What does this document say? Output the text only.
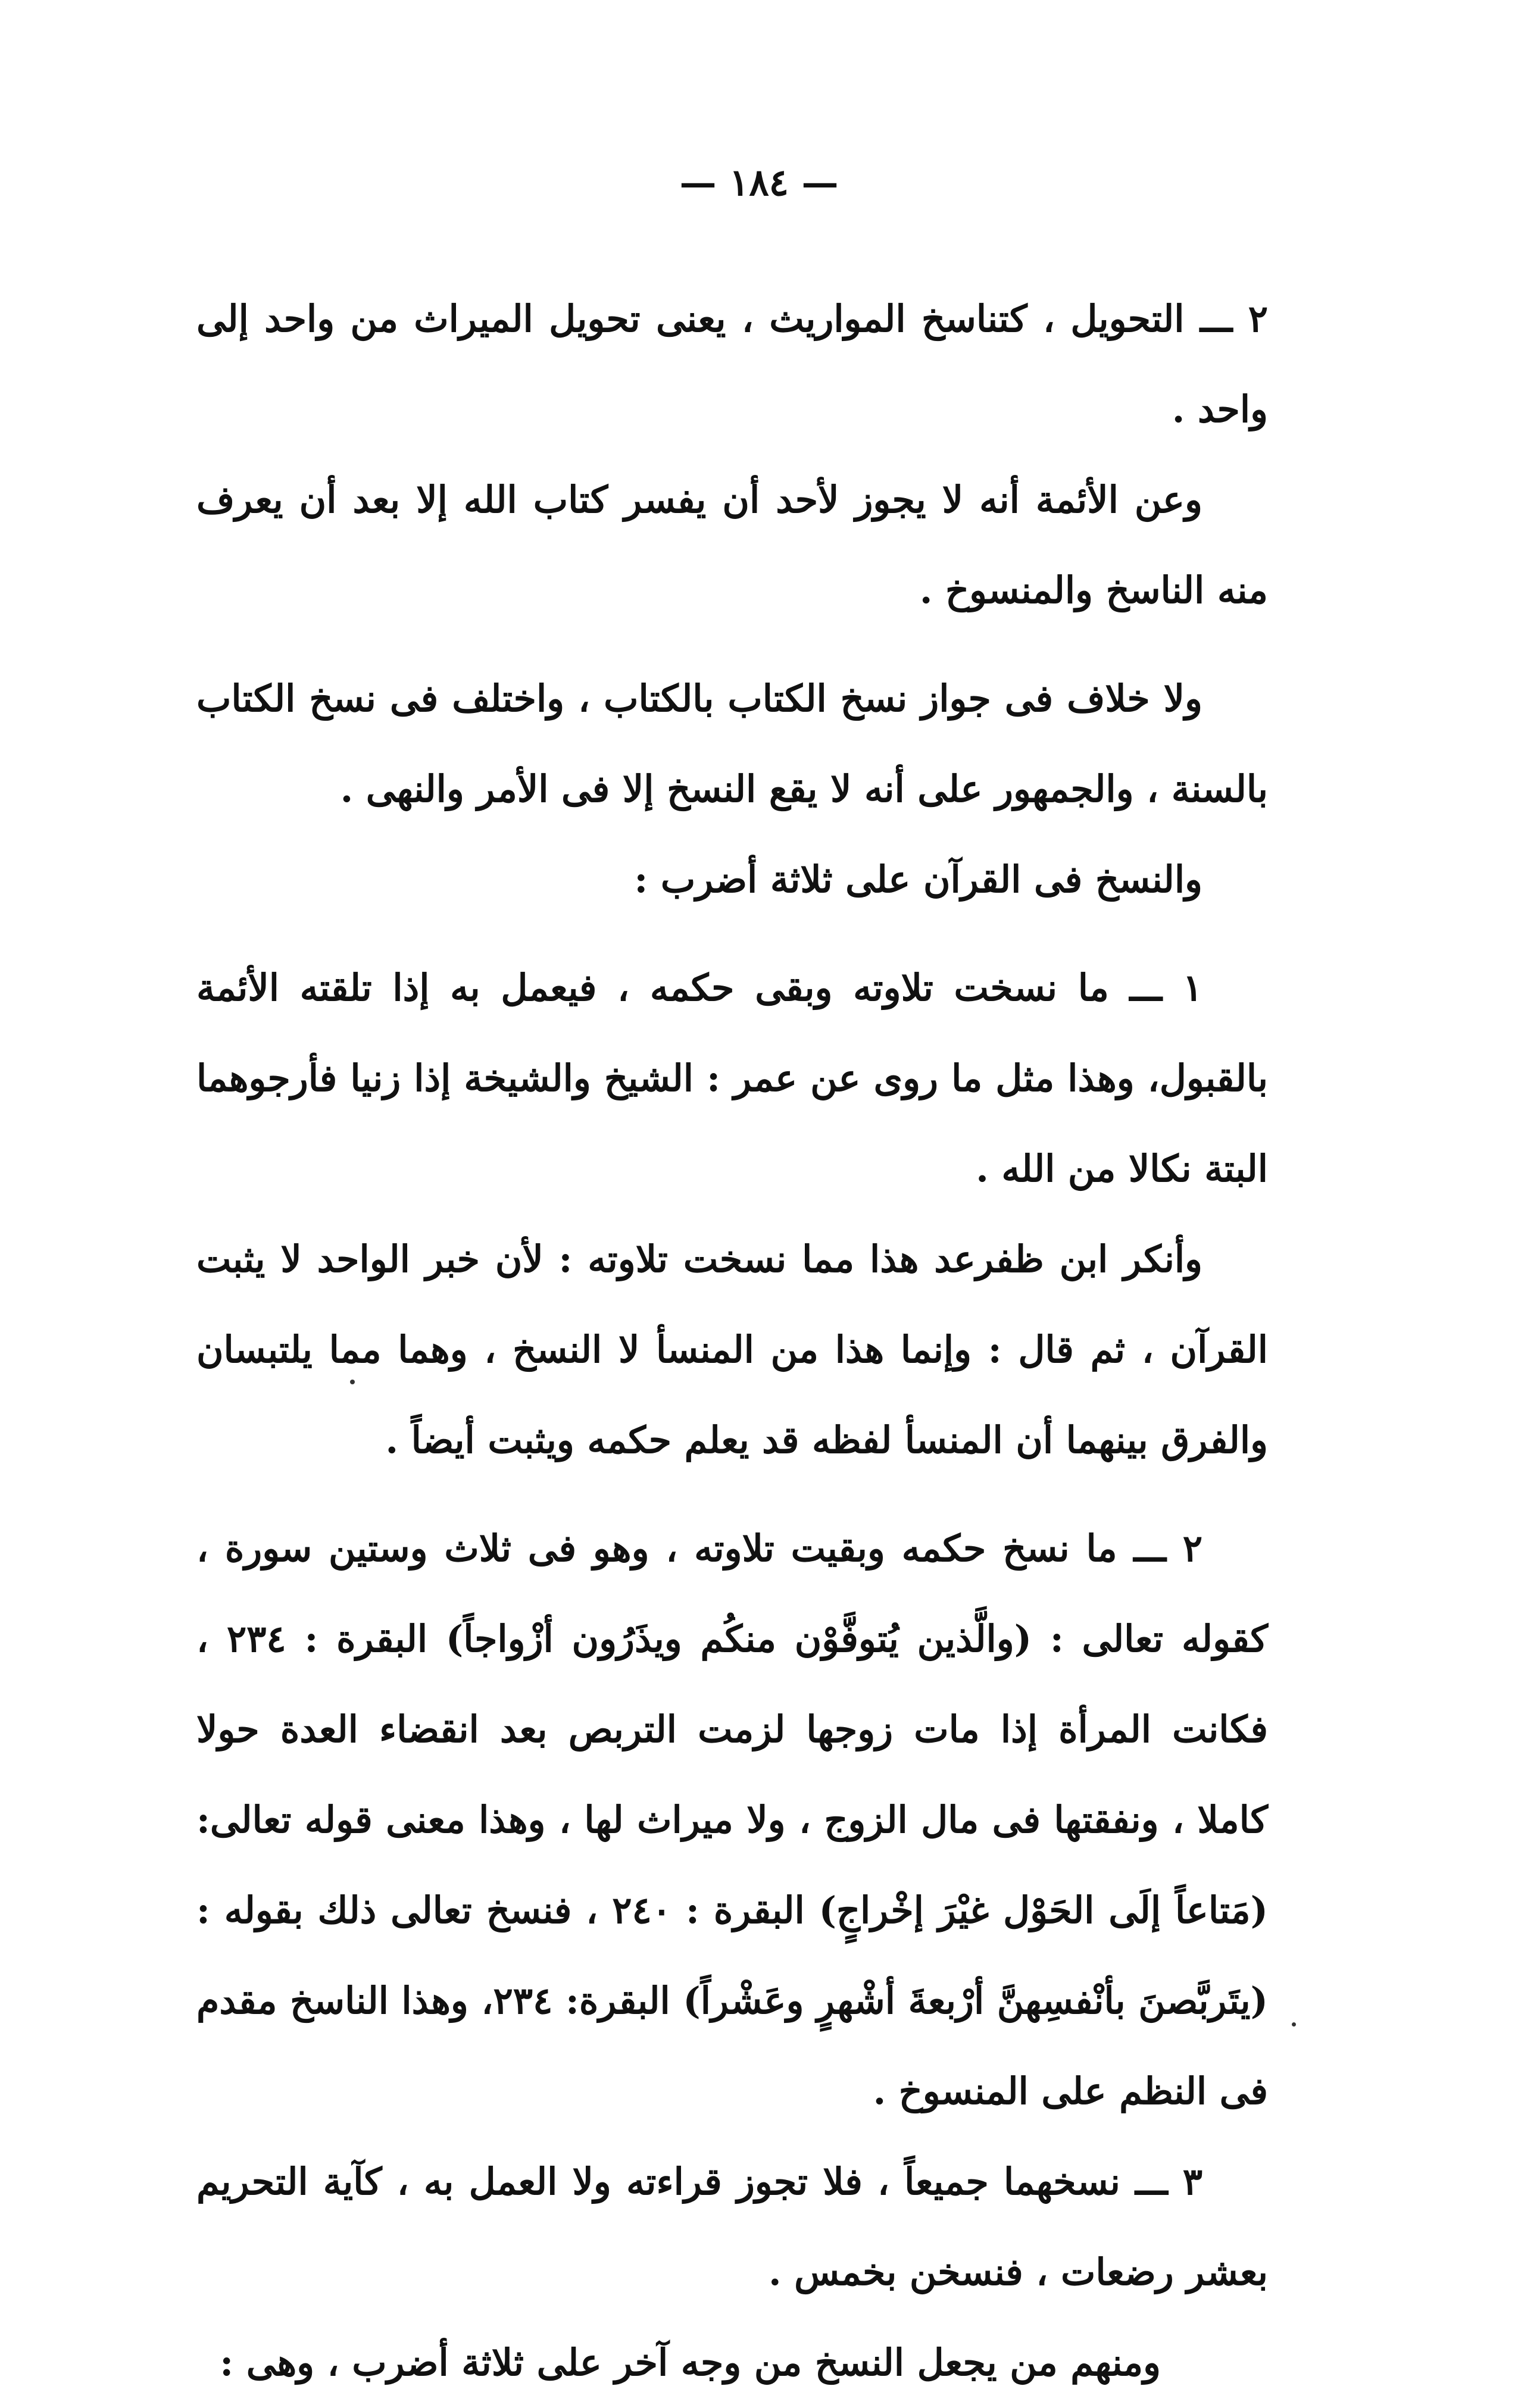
— ١٨٤ —

٢ ـــ التحويل ، كتناسخ المواريث ، يعنى تحويل الميراث من واحد إلى واحد .

وعن الأئمة أنه لا يجوز لأحد أن يفسر كتاب الله إلا بعد أن يعرف منه الناسخ والمنسوخ .

ولا خلاف فى جواز نسخ الكتاب بالكتاب ، واختلف فى نسخ الكتاب بالسنة ، والجمهور على أنه لا يقع النسخ إلا فى الأمر والنهى .

والنسخ فى القرآن على ثلاثة أضرب :

١ ـــ ما نسخت تلاوته وبقى حكمه ، فيعمل به إذا تلقته الأئمة بالقبول، وهذا مثل ما روى عن عمر : الشيخ والشيخة إذا زنيا فأرجوهما البتة نكالا من الله .

وأنكر ابن ظفرعد هذا مما نسخت تلاوته : لأن خبر الواحد لا يثبت القرآن ، ثم قال : وإنما هذا من المنسأ لا النسخ ، وهما مما يلتبسان والفرق بينهما أن المنسأ لفظه قد يعلم حكمه ويثبت أيضاً .

٢ ـــ ما نسخ حكمه وبقيت تلاوته ، وهو فى ثلاث وستين سورة ، كقوله تعالى : (والَّذين يُتوفَّوْن منكُم ويذَرُون أزْواجاً) البقرة : ٢٣٤ ، فكانت المرأة إذا مات زوجها لزمت التربص بعد انقضاء العدة حولا كاملا ، ونفقتها فى مال الزوج ، ولا ميراث لها ، وهذا معنى قوله تعالى:(مَتاعاً إلَى الحَوْل غيْرَ إخْراجٍ) البقرة : ٢٤٠ ، فنسخ تعالى ذلك بقوله : (يتَربَّصنَ بأنْفسِهنَّ أرْبعةَ أشْهرٍ وعَشْراً) البقرة: ٢٣٤، وهذا الناسخ مقدم فى النظم على المنسوخ .

٣ ـــ نسخهما جميعاً ، فلا تجوز قراءته ولا العمل به ، كآية التحريم بعشر رضعات ، فنسخن بخمس .

ومنهم من يجعل النسخ من وجه آخر على ثلاثة أضرب ، وهى :
